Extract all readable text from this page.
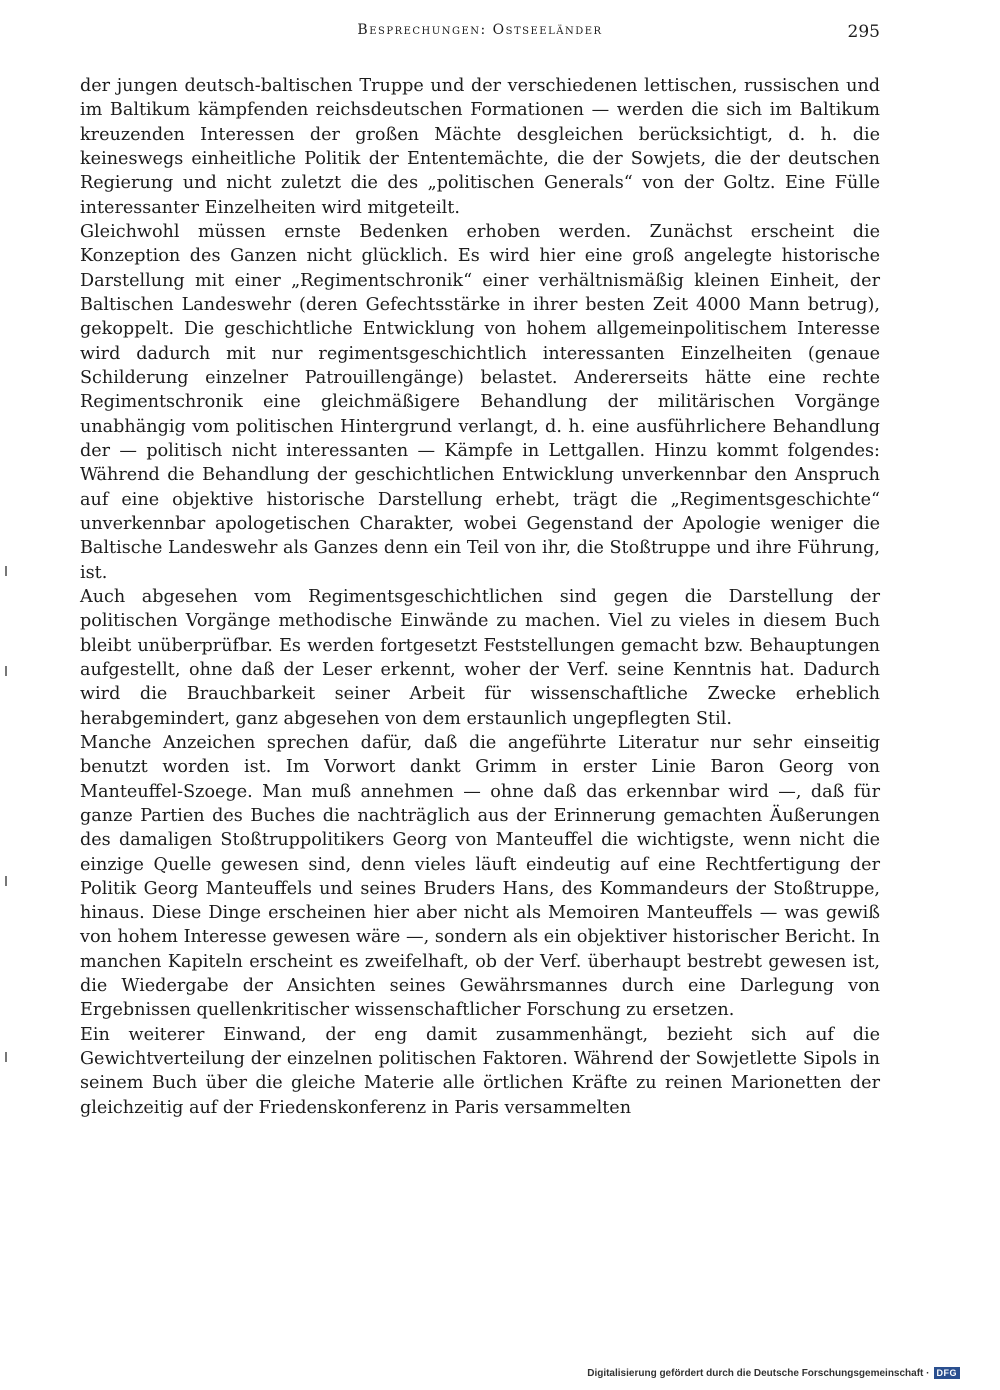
Besprechungen: Ostseeländer	295

der jungen deutsch-baltischen Truppe und der verschiedenen lettischen, russischen und im Baltikum kämpfenden reichsdeutschen Formationen — werden die sich im Baltikum kreuzenden Interessen der großen Mächte desgleichen berücksichtigt, d. h. die keineswegs einheitliche Politik der Ententemächte, die der Sowjets, die der deutschen Regierung und nicht zuletzt die des „politischen Generals“ von der Goltz. Eine Fülle interessanter Einzelheiten wird mitgeteilt.

Gleichwohl müssen ernste Bedenken erhoben werden. Zunächst erscheint die Konzeption des Ganzen nicht glücklich. Es wird hier eine groß angelegte historische Darstellung mit einer „Regimentschronik“ einer verhältnismäßig kleinen Einheit, der Baltischen Landeswehr (deren Gefechtsstärke in ihrer besten Zeit 4000 Mann betrug), gekoppelt. Die geschichtliche Entwicklung von hohem allgemeinpolitischem Interesse wird dadurch mit nur regimentsgeschichtlich interessanten Einzelheiten (genaue Schilderung einzelner Patrouillengänge) belastet. Andererseits hätte eine rechte Regimentschronik eine gleichmäßigere Behandlung der militärischen Vorgänge unabhängig vom politischen Hintergrund verlangt, d. h. eine ausführlichere Behandlung der — politisch nicht interessanten — Kämpfe in Lettgallen. Hinzu kommt folgendes: Während die Behandlung der geschichtlichen Entwicklung unverkennbar den Anspruch auf eine objektive historische Darstellung erhebt, trägt die „Regimentsgeschichte“ unverkennbar apologetischen Charakter, wobei Gegenstand der Apologie weniger die Baltische Landeswehr als Ganzes denn ein Teil von ihr, die Stoßtruppe und ihre Führung, ist.

Auch abgesehen vom Regimentsgeschichtlichen sind gegen die Darstellung der politischen Vorgänge methodische Einwände zu machen. Viel zu vieles in diesem Buch bleibt unüberprüfbar. Es werden fortgesetzt Feststellungen gemacht bzw. Behauptungen aufgestellt, ohne daß der Leser erkennt, woher der Verf. seine Kenntnis hat. Dadurch wird die Brauchbarkeit seiner Arbeit für wissenschaftliche Zwecke erheblich herabgemindert, ganz abgesehen von dem erstaunlich ungepflegten Stil.

Manche Anzeichen sprechen dafür, daß die angeführte Literatur nur sehr einseitig benutzt worden ist. Im Vorwort dankt Grimm in erster Linie Baron Georg von Manteuffel-Szoege. Man muß annehmen — ohne daß das erkennbar wird —, daß für ganze Partien des Buches die nachträglich aus der Erinnerung gemachten Äußerungen des damaligen Stoßtruppolitikers Georg von Manteuffel die wichtigste, wenn nicht die einzige Quelle gewesen sind, denn vieles läuft eindeutig auf eine Rechtfertigung der Politik Georg Manteuffels und seines Bruders Hans, des Kommandeurs der Stoßtruppe, hinaus. Diese Dinge erscheinen hier aber nicht als Memoiren Manteuffels — was gewiß von hohem Interesse gewesen wäre —, sondern als ein objektiver historischer Bericht. In manchen Kapiteln erscheint es zweifelhaft, ob der Verf. überhaupt bestrebt gewesen ist, die Wiedergabe der Ansichten seines Gewährsmannes durch eine Darlegung von Ergebnissen quellenkritischer wissenschaftlicher Forschung zu ersetzen.

Ein weiterer Einwand, der eng damit zusammenhängt, bezieht sich auf die Gewichtverteilung der einzelnen politischen Faktoren. Während der Sowjetlette Sipols in seinem Buch über die gleiche Materie alle örtlichen Kräfte zu reinen Marionetten der gleichzeitig auf der Friedenskonferenz in Paris versammelten

Digitalisierung gefördert durch die Deutsche Forschungsgemeinschaft · DFG
